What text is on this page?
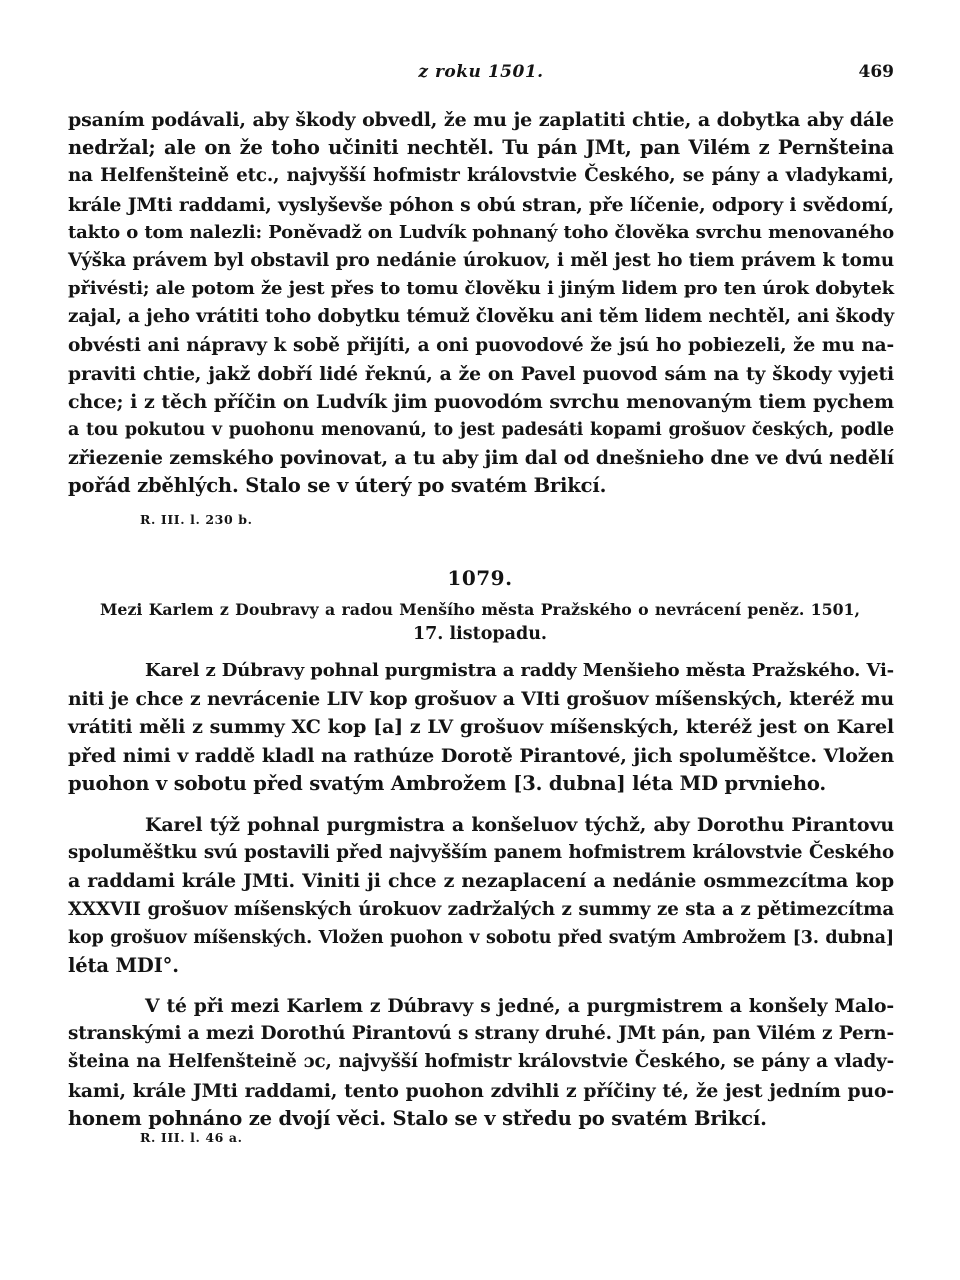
z roku 1501.	469
psaním podávali, aby škody obvedl, že mu je zaplatiti chtie, a dobytka aby dále
nedržal; ale on že toho učiniti nechtěl. Tu pán JMt, pan Vilém z Pernšteina
na Helfenšteině etc., najvyšší hofmistr královstvie Českého, se pány a vladykami,
krále JMti raddami, vyslyševše póhon s obú stran, pře líčenie, odpory i svědomí,
takto o tom nalezli: Poněvadž on Ludvík pohnaný toho člověka svrchu menovaného
Výška právem byl obstavil pro nedánie úrokuov, i měl jest ho tiem právem k tomu
přivésti; ale potom že jest přes to tomu člověku i jiným lidem pro ten úrok dobytek
zajal, a jeho vrátiti toho dobytku témuž člověku ani těm lidem nechtěl, ani škody
obvésti ani nápravy k sobě přijíti, a oni puovodové že jsú ho pobiezeli, že mu na-
praviti chtie, jakž dobří lidé řeknú, a že on Pavel puovod sám na ty škody vyjeti
chce; i z těch příčin on Ludvík jim puovodóm svrchu menovaným tiem pychem
a tou pokutou v puohonu menovanú, to jest padesáti kopami grošuov českých, podle
zřiezenie zemského povinovat, a tu aby jim dal od dnešnieho dne ve dvú nedělí
pořád zběhlých. Stalo se v úterý po svatém Brikcí.
R. III. l. 230 b.
1079.
Mezi Karlem z Doubravy a radou Menšího města Pražského o nevrácení peněz. 1501,
17. listopadu.
Karel z Dúbravy pohnal purgmistra a raddy Menšieho města Pražského. Vi-
niti je chce z nevrácenie LIV kop grošuov a VIti grošuov míšenských, kteréž mu
vrátiti měli z summy XC kop [a] z LV grošuov míšenských, kteréž jest on Karel
před nimi v raddě kladl na rathúze Dorotě Pirantové, jich spoluměštce. Vložen
puohon v sobotu před svatým Ambrožem [3. dubna] léta MD prvnieho.
Karel týž pohnal purgmistra a konšeluov týchž, aby Dorothu Pirantovu
spoluměštku svú postavili před najvyšším panem hofmistrem královstvie Českého
a raddami krále JMti. Viniti ji chce z nezaplacení a nedánie osmmezcítma kop
XXXVII grošuov míšenských úrokuov zadržalých z summy ze sta a z pětimezcítma
kop grošuov míšenských. Vložen puohon v sobotu před svatým Ambrožem [3. dubna]
léta MDI°.
V té při mezi Karlem z Dúbravy s jedné, a purgmistrem a konšely Malo-
stranskými a mezi Dorothú Pirantovú s strany druhé. JMt pán, pan Vilém z Pern-
šteina na Helfenšteině ɔc, najvyšší hofmistr královstvie Českého, se pány a vlady-
kami, krále JMti raddami, tento puohon zdvihli z příčiny té, že jest jedním puo-
honem pohnáno ze dvojí věci. Stalo se v středu po svatém Brikcí.
R. III. l. 46 a.
